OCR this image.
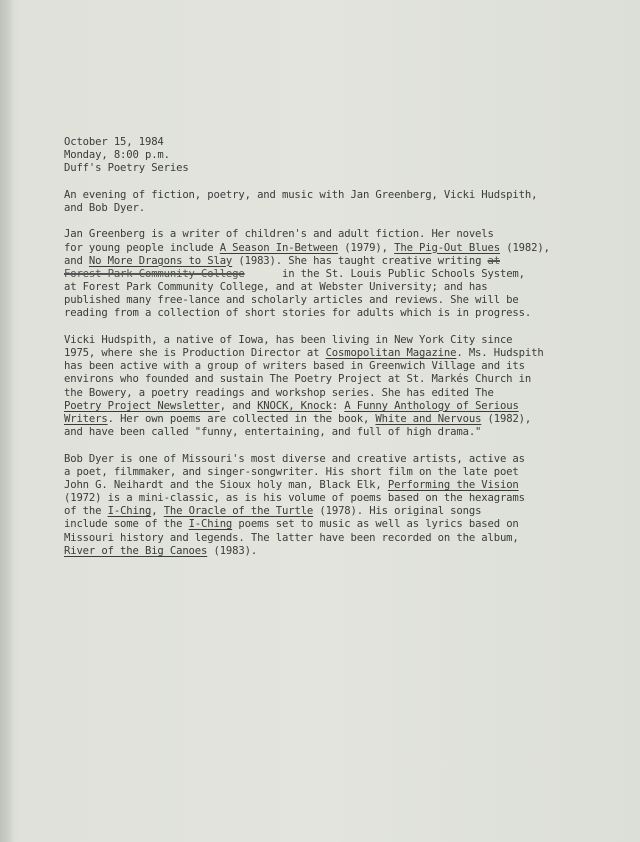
October 15, 1984
Monday, 8:00 p.m.
Duff's Poetry Series
An evening of fiction, poetry, and music with Jan Greenberg, Vicki Hudspith,
and Bob Dyer.
Jan Greenberg is a writer of children's and adult fiction. Her novels
for young people include A Season In-Between (1979), The Pig-Out Blues (1982),
and No More Dragons to Slay (1983). She has taught creative writing at
Forest Park Community College      in the St. Louis Public Schools System,
at Forest Park Community College, and at Webster University; and has
published many free-lance and scholarly articles and reviews. She will be
reading from a collection of short stories for adults which is in progress.
Vicki Hudspith, a native of Iowa, has been living in New York City since
1975, where she is Production Director at Cosmopolitan Magazine. Ms. Hudspith
has been active with a group of writers based in Greenwich Village and its
environs who founded and sustain The Poetry Project at St. Markés Church in
the Bowery, a poetry readings and workshop series. She has edited The
Poetry Project Newsletter, and KNOCK, Knock: A Funny Anthology of Serious
Writers. Her own poems are collected in the book, White and Nervous (1982),
and have been called "funny, entertaining, and full of high drama."
Bob Dyer is one of Missouri's most diverse and creative artists, active as
a poet, filmmaker, and singer-songwriter. His short film on the late poet
John G. Neihardt and the Sioux holy man, Black Elk, Performing the Vision
(1972) is a mini-classic, as is his volume of poems based on the hexagrams
of the I-Ching, The Oracle of the Turtle (1978). His original songs
include some of the I-Ching poems set to music as well as lyrics based on
Missouri history and legends. The latter have been recorded on the album,
River of the Big Canoes (1983).
